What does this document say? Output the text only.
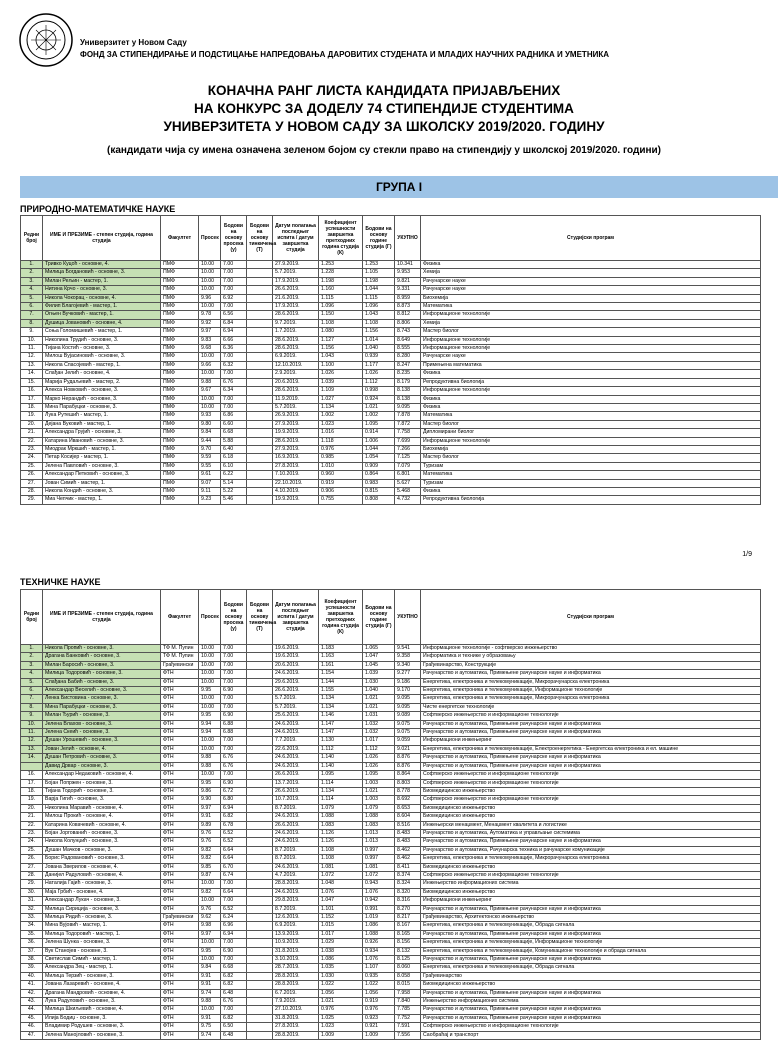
Универзитет у Новом Саду
ФОНД ЗА СТИПЕНДИРАЊЕ И ПОДСТИЦАЊЕ НАПРЕДОВАЊА ДАРОВИТИХ СТУДЕНАТА И МЛАДИХ НАУЧНИХ РАДНИКА И УМЕТНИКА
КОНАЧНА РАНГ ЛИСТА КАНДИДАТА ПРИЈАВЉЕНИХ
НА КОНКУРС ЗА ДОДЕЛУ 74 СТИПЕНДИЈЕ СТУДЕНТИМА
УНИВЕРЗИТЕТА У НОВОМ САДУ ЗА ШКОЛСКУ 2019/2020. ГОДИНУ
(кандидати чија су имена означена зеленом бојом су стекли право на стипендију у школској 2019/2020. години)
ГРУПА I
ПРИРОДНО-МАТЕМАТИЧКЕ НАУКЕ
Редни број	ИМЕ И ПРЕЗИМЕ - степен студија, година студија	Факултет	Просек	Бодови на основу просека (у)	Бодови на основу тинкичења (Т)	Датум полагања последњег испита / датум завршетка студија	Коефицијент успешности завршетка претходних година студија (К)	Бодови на основу године студија (Г)	УКУПНО	Студијски програм
1.	Тривко Куцоћ - основне, 4.	ПМФ	10.00	7.00		27.9.2019.	1.253	1.253	10.341	Физика
2.	Милица Богдановић - основне, 3.	ПМФ	10.00	7.00		5.7.2019.	1.228	1.105	9.953	Хемија
3.	Милан Рељин - мастер, 1.	ПМФ	10.00	7.00		17.9.2019.	1.198	1.198	9.821	Рачунарске науке
4.	Нитина Крчо - основне, 3.	ПМФ	10.00	7.00		26.6.2019.	1.160	1.044	9.331	Рачунарске науке
5.	Никола Чокорац - основне, 4.	ПМФ	9.96	6.92		21.6.2019.	1.115	1.115	8.959	Биохемија
6.	Филип Благојевић - мастер, 1.	ПМФ	10.00	7.00		17.9.2019.	1.096	1.096	8.873	Математика
7.	Огњен Вучковић - мастер, 1.	ПМФ	9.78	6.56		28.6.2019.	1.150	1.043	8.812	Информационе технологије
8.	Душица Јовановић - основне, 4.	ПМФ	9.92	6.84		9.7.2019.	1.108	1.108	8.806	Хемија
9.	Соња Голомишевић - мастер, 1.	ПМФ	9.97	6.94		1.7.2019.	1.080	1.156	8.743	Мастер биолог
10.	Николина Трудић - основне, 3.	ПМФ	9.83	6.66		28.6.2019.	1.127	1.014	8.649	Информационе технологије
11.	Тијана Костић - основне, 3.	ПМФ	9.68	6.36		28.6.2019.	1.156	1.040	8.555	Информационе технологије
12.	Милош Вујасиновић - основне, 3.	ПМФ	10.00	7.00		6.9.2019.	1.043	0.939	8.280	Рачунарске науке
13.	Никола Спасојевић - мастер, 1.	ПМФ	9.66	6.32		12.10.2019.	1.100	1.177	8.247	Примењена математика
14.	Слађан Јелић - основне, 4.	ПМФ	10.00	7.00		2.9.2019.	1.026	1.026	8.235	Физика
15.	Марија Рудаљевић - мастер, 2.	ПМФ	9.88	6.76		20.6.2019.	1.039	1.112	8.179	Репродуктивна биологија
16.	Алекса Новковић - основне, 3.	ПМФ	9.67	6.34		28.6.2019.	1.109	0.998	8.138	Информационе технологије
17.	Марко Нерандић - основне, 3.	ПМФ	10.00	7.00		11.9.2019.	1.027	0.924	8.138	Физика
18.	Мина Парабуцки - основне, 3.	ПМФ	10.00	7.00		5.7.2019.	1.134	1.021	9.095	Физика
19.	Лука Рутешић - мастер, 1.	ПМФ	9.93	6.86		26.9.2019.	1.002	1.002	7.878	Математика
20.	Дејана Вуковић - мастер, 1.	ПМФ	9.80	6.60		27.9.2019.	1.023	1.095	7.872	Мастер биолог
21.	Александра Грујић - основне, 3.	ПМФ	9.84	6.68		19.9.2019.	1.016	0.914	7.758	Дипломирани биолог
22.	Катарина Ивановић - основне, 3.	ПМФ	9.44	5.88		28.6.2019.	1.118	1.006	7.699	Информационе технологије
23.	Миодрак Мркшић - мастер, 1.	ПМФ	9.70	6.40		27.9.2019.	0.976	1.044	7.266	Биохемија
24.	Петар Косијер - мастер, 1.	ПМФ	9.59	6.18		16.9.2019.	0.985	1.054	7.125	Мастер биолог
25.	Јелена Павловић - основне, 3.	ПМФ	9.55	6.10		27.8.2019.	1.010	0.909	7.079	Туризам
26.	Александар Петковић - основне, 3.	ПМФ	9.61	6.22		7.10.2019.	0.960	0.864	6.801	Математика
27.	Јован Симић - мастер, 1.	ПМФ	9.07	5.14		22.10.2019.	0.919	0.983	5.627	Туризам
28.	Никола Кондић - основне, 3.	ПМФ	9.11	5.22		4.10.2019.	0.906	0.815	5.468	Физика
29.	Миа Чепчик - мастер, 1.	ПМФ	9.23	5.46		19.9.2019.	0.755	0.808	4.732	Репродуктивна биологија
1/9
ТЕХНИЧКЕ НАУКЕ
Редни број	ИМЕ И ПРЕЗИМЕ - степен студија, година студија	Факултет	Просек	Бодови на основу просека (у)	Бодови на основу тинкичења (Т)	Датум полагања последњег испита / датум завршетка студија	Коефицијент успешности завршетка претходних година студија (К)	Бодови на основу године студија (Г)	УКУПНО	Студијски програм
1.	Никола Пропић - основне, 3.	ТФ М. Пупин	10.00	7.00		19.6.2019.	1.183	1.065	9.541	Информационе технологије - софтверско инжењерство
2.	Драгана Банковић - основне, 3.	ТФ М. Пупин	10.00	7.00		19.6.2019.	1.163	1.047	9.358	Информатика и технике у образовању
3.	Милан Баросић - основне, 3.	Грађевински	10.00	7.00		20.6.2019.	1.161	1.045	9.340	Грађевинарство, Конструкције
4.	Милица Тодоровић - основне, 3.	ФТН	10.00	7.00		24.6.2019.	1.154	1.039	9.277	Рачунарство и аутоматика, Примењене рачунарске науке и информатика
5.	Слађана Бабић - основне, 3.	ФТН	10.00	7.00		29.6.2019.	1.144	1.030	9.186	Енергетика, електроника и телекомуникације, Микрорачунарска електроника
6.	Александар Веселић - основне, 3.	ФТН	9.95	6.90		26.6.2019.	1.155	1.040	9.170	Енергетика, електроника и телекомуникације, Информационе технологије
7.	Ленка Бистовина - основне, 3.	ФТН	10.00	7.00		5.7.2019.	1.134	1.021	9.095	Енергетика, електроника и телекомуникације, Микрорачунарска електроника
8.	Мина Парабуцки - основне, 3.	ФТН	10.00	7.00		5.7.2019.	1.134	1.021	9.095	Чисте енергетске технологије
9.	Милан Ђурић - основне, 3.	ФТН	9.95	6.90		25.6.2019.	1.146	1.031	9.089	Софтверско инжењерство и информационе технологије
10.	Јелена Влахов - основне, 3.	ФТН	9.94	6.88		24.6.2019.	1.147	1.032	9.075	Рачунарство и аутоматика, Примењене рачунарске науке и информатика
11.	Јелена Скеић - основне, 3.	ФТН	9.94	6.88		24.6.2019.	1.147	1.032	9.075	Рачунарство и аутоматика, Примењене рачунарске науке и информатика
12.	Душан Урошевић - основне, 3.	ФТН	10.00	7.00		7.7.2019.	1.130	1.017	9.059	Информациони инжењеринг
13.	Јован Јелић - основне, 4.	ФТН	10.00	7.00		22.6.2019.	1.112	1.112	9.021	Енергетика, електроника и телекомуникације, Електроенергетика - Енергетска електроника и ел. машине
14.	Душан Петровић - основне, 3.	ФТН	9.88	6.76		24.6.2019.	1.140	1.026	8.876	Рачунарство и аутоматика, Примењене рачунарске науке и информатика
	Давид Дрвар - основне, 3.	ФТН	9.88	6.76		24.6.2019.	1.140	1.026	8.876	Рачунарство и аутоматика, Примењене рачунарске науке и информатика
16.	Александар Недаковић - основне, 4.	ФТН	10.00	7.00		26.6.2019.	1.095	1.095	8.864	Софтверско инжењерство и информационе технологије
17.	Бојан Попржен - основне, 3.	ФТН	9.95	6.90		13.7.2019.	1.114	1.003	8.803	Софтверско инжењерство и информационе технологије
18.	Тијана Тодорић - основне, 3.	ФТН	9.86	6.72		26.6.2019.	1.134	1.021	8.778	Биомедицинско инжењерство
19.	Варја Гигић - основне, 3.	ФТН	9.90	6.80		10.7.2019.	1.114	1.003	8.692	Софтверско инжењерство и информационе технологије
20.	Николина Маравић - основне, 4.	ФТН	9.97	6.94		8.7.2019.	1.079	1.079	8.653	Биомедицинско инжењерство
21.	Милош Прокић - основне, 4.	ФТН	9.91	6.82		24.6.2019.	1.088	1.088	8.604	Биомедицинско инжењерство
22.	Катарина Ковачевић - основне, 4.	ФТН	9.89	6.78		26.6.2019.	1.083	1.083	8.516	Инжењерски менаџмент, Менаџмент квалитета и логистике
23.	Бојан Јоргованић - основне, 3.	ФТН	9.76	6.52		24.6.2019.	1.126	1.013	8.483	Рачунарство и аутоматика, Аутоматика и управљање системима
24.	Никола Колунџић - основне, 3.	ФТН	9.76	6.52		24.6.2019.	1.126	1.013	8.483	Рачунарство и аутоматика, Примењене рачунарске науке и информатика
25.	Душан Мачков - основне, 3.	ФТН	9.82	6.64		8.7.2019.	1.108	0.997	8.462	Рачунарство и аутоматика, Рачунарска техника и рачунарске комуникације
26.	Борис Радовановић - основне, 3.	ФТН	9.82	6.64		8.7.2019.	1.108	0.997	8.462	Енергетика, електроника и телекомуникације, Микрорачунарска електроника
27.	Јована Зверилов - основне, 4.	ФТН	9.85	6.70		24.6.2019.	1.081	1.081	8.411	Биомедицинско инжењерство
28.	Данијел Радуловић - основне, 4.	ФТН	9.87	6.74		4.7.2019.	1.072	1.072	8.374	Софтверско инжењерство и информационе технологије
29.	Наталија Гајић - основне, 3.	ФТН	10.00	7.00		28.8.2019.	1.048	0.943	8.324	Инжењерство информационих система
30.	Маја Грбић - основне, 4.	ФТН	9.82	6.64		24.6.2019.	1.076	1.076	8.320	Биомедицинско инжењерство
31.	Александар Лукач - основне, 3.	ФТН	10.00	7.00		29.8.2019.	1.047	0.942	8.316	Информациони инжењеринг
32.	Милица Сириција - основне, 3.	ФТН	9.76	6.52		8.7.2019.	1.101	0.991	8.270	Рачунарство и аутоматика, Примењене рачунарске науке и информатика
33.	Милица Ридић - основне, 3.	Грађевински	9.62	6.24		12.6.2019.	1.152	1.019	8.217	Грађевинарство, Архитектонско инжењерство
34.	Мина Вујовић - мастер, 1.	ФТН	9.98	6.96		6.9.2019.	1.015	1.086	8.167	Енергетика, електроника и телекомуникације, Обрада сигнала
35.	Милица Тодоровић - мастер, 1.	ФТН	9.97	6.94		13.9.2019.	1.017	1.088	8.165	Рачунарство и аутоматика, Примењене рачунарске науке и информатика
36.	Јелена Шунка - основне, 3.	ФТН	10.00	7.00		10.9.2019.	1.029	0.926	8.156	Енергетика, електроника и телекомуникације, Информационе технологије
37.	Вук Станојев - основне, 3.	ФТН	9.95	6.90		31.8.2019.	1.038	0.934	8.132	Енергетика, електроника и телекомуникације, Комуникационе технологије и обрада сигнала
38.	Светислав Симић - мастер, 1.	ФТН	10.00	7.00		3.10.2019.	1.086	1.076	8.125	Рачунарство и аутоматика, Примењене рачунарске науке и информатика
39.	Александра Зец - мастер, 1.	ФТН	9.84	6.68		28.7.2019.	1.035	1.107	8.060	Енергетика, електроника и телекомуникације, Обрада сигнала
40.	Милица Терзић - основне, 3.	ФТН	9.91	6.82		28.8.2019.	1.030	0.935	8.058	Грађевинарство
41.	Јована Лазаревић - основне, 4.	ФТН	9.91	6.82		28.8.2019.	1.022	1.022	8.015	Биомедицинско инжењерство
42.	Драгана Мандровић - основне, 4.	ФТН	9.74	6.48		6.7.2019.	1.056	1.056	7.958	Рачунарство и аутоматика, Примењене рачунарске науке и информатика
43.	Лука Радуловић - основне, 3.	ФТН	9.88	6.76		7.9.2019.	1.021	0.919	7.840	Инжењерство информационих система
44.	Милица Шкиљевић - основне, 4.	ФТН	10.00	7.00		27.10.2019.	0.976	0.976	7.785	Рачунарство и аутоматика, Примењене рачунарске науке и информатика
45.	Илија Бодиџ - основне, 3.	ФТН	9.91	6.82		31.8.2019.	1.025	0.923	7.752	Рачунарство и аутоматика, Примењене рачунарске науке и информатика
46.	Владимир Родушев - основне, 3.	ФТН	9.75	6.50		27.8.2019.	1.023	0.921	7.591	Софтверско инжењерство и информационе технологије
47.	Јелена Манојловић - основне, 3.	ФТН	9.74	6.48		28.8.2019.	1.009	1.009	7.556	Саобраћај и транспорт
